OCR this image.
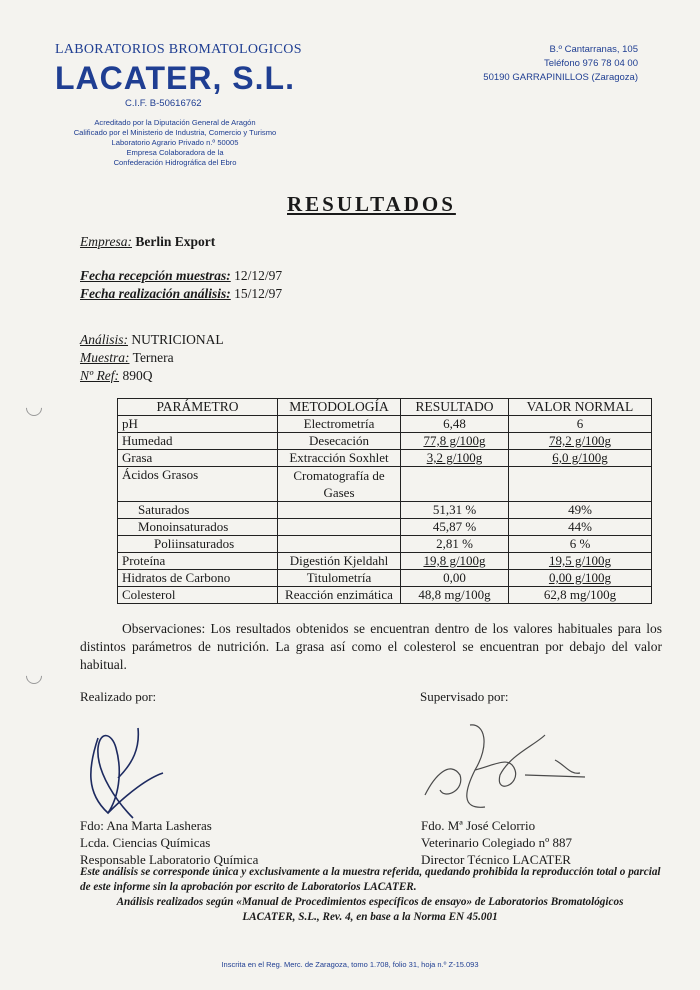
LABORATORIOS BROMATOLOGICOS
LACATER, S.L.
C.I.F. B-50616762
Acreditado por la Diputación General de Aragón
Calificado por el Ministerio de Industria, Comercio y Turismo
Laboratorio Agrario Privado n.º 50005
Empresa Colaboradora de la
Confederación Hidrográfica del Ebro
B.º Cantarranas, 105
Teléfono 976 78 04 00
50190 GARRAPINILLOS (Zaragoza)
RESULTADOS
Empresa: Berlin Export
Fecha recepción muestras: 12/12/97
Fecha realización análisis: 15/12/97
Análisis: NUTRICIONAL
Muestra: Ternera
Nº Ref: 890Q
PARÁMETRO	METODOLOGÍA	RESULTADO	VALOR NORMAL
pH	Electrometría	6,48	6
Humedad	Desecación	77,8 g/100g	78,2 g/100g
Grasa	Extracción Soxhlet	3,2 g/100g	6,0 g/100g
Ácidos Grasos	Cromatografía de Gases		
Saturados		51,31 %	49%
Monoinsaturados		45,87 %	44%
Poliinsaturados		2,81 %	6 %
Proteína	Digestión Kjeldahl	19,8 g/100g	19,5 g/100g
Hidratos de Carbono	Titulometría	0,00	0,00 g/100g
Colesterol	Reacción enzimática	48,8 mg/100g	62,8 mg/100g
Observaciones: Los resultados obtenidos se encuentran dentro de los valores habituales para los distintos parámetros de nutrición. La grasa así como el colesterol se encuentran por debajo del valor habitual.
Realizado por:	Supervisado por:
Fdo: Ana Marta Lasheras
Lcda. Ciencias Químicas
Responsable Laboratorio Química
Fdo. Mª José Celorrio
Veterinario Colegiado nº 887
Director Técnico LACATER
Este análisis se corresponde única y exclusivamente a la muestra referida, quedando prohibida la reproducción total o parcial de este informe sin la aprobación por escrito de Laboratorios LACATER.
Análisis realizados según «Manual de Procedimientos específicos de ensayo» de Laboratorios Bromatológicos LACATER, S.L., Rev. 4, en base a la Norma EN 45.001
Inscrita en el Reg. Merc. de Zaragoza, tomo 1.708, folio 31, hoja n.º Z-15.093
